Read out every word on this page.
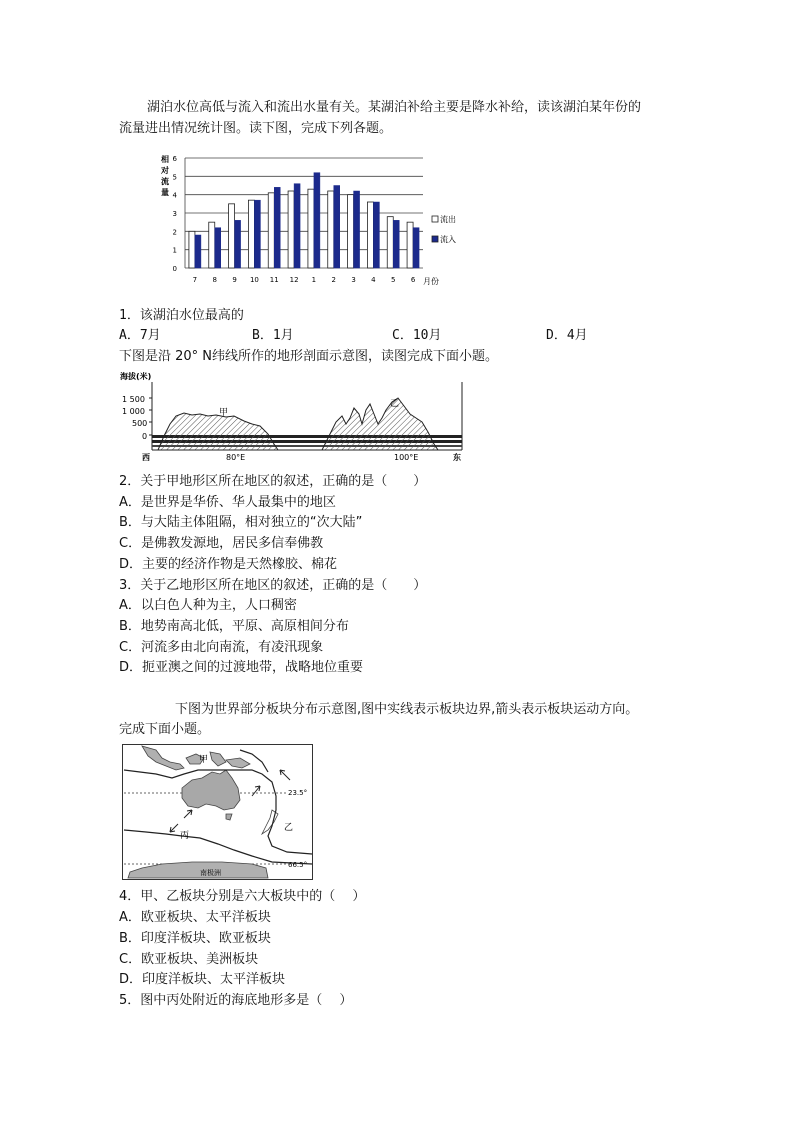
湖泊水位高低与流入和流出水量有关。某湖泊补给主要是降水补给，读该湖泊某年份的
流量进出情况统计图。读下图，完成下列各题。
相
对
流
量
0
1
2
3
4
5
6
7 8 9 10 11 12 1 2 3 4 5 6
流出
流入
月份
1．该湖泊水位最高的
A．7月	B．1月	C．10月	D．4月
下图是沿 20° N纬线所作的地形剖面示意图，读图完成下面小题。
海拔(米)
1 500
1 000
500
0
甲
乙
西	80°E	100°E	东
2．关于甲地形区所在地区的叙述，正确的是（　　）
A．是世界是华侨、华人最集中的地区
B．与大陆主体阻隔，相对独立的“次大陆”
C．是佛教发源地，居民多信奉佛教
D．主要的经济作物是天然橡胶、棉花
3．关于乙地形区所在地区的叙述，正确的是（　　）
A．以白色人种为主，人口稠密
B．地势南高北低，平原、高原相间分布
C．河流多由北向南流，有凌汛现象
D．扼亚澳之间的过渡地带，战略地位重要
下图为世界部分板块分布示意图,图中实线表示板块边界,箭头表示板块运动方向。
完成下面小题。
23.5°
66.5°
甲
乙
丙
南极洲
4．甲、乙板块分别是六大板块中的（　 ）
A．欧亚板块、太平洋板块
B．印度洋板块、欧亚板块
C．欧亚板块、美洲板块
D．印度洋板块、太平洋板块
5．图中丙处附近的海底地形多是（　 ）
